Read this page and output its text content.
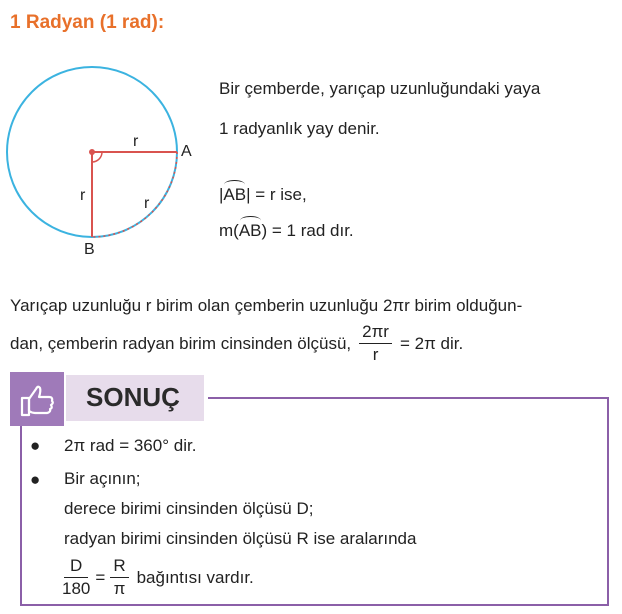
1 Radyan (1 rad):
r
r	r
A
B
Bir çemberde, yarıçap uzunluğundaki yaya
1 radyanlık yay denir.
|AB| = r ise,
m(AB) = 1 rad dır.
Yarıçap uzunluğu r birim olan çemberin uzunluğu 2πr birim olduğun-
dan, çemberin radyan birim cinsinden ölçüsü, $\frac{2\pi r}{r} = 2\pi$ dir.
SONUÇ
● 2π rad = 360° dir.
● Bir açının;
derece birimi cinsinden ölçüsü D;
radyan birimi cinsinden ölçüsü R ise aralarında
$\frac{D}{180} = \frac{R}{\pi}$ bağıntısı vardır.
